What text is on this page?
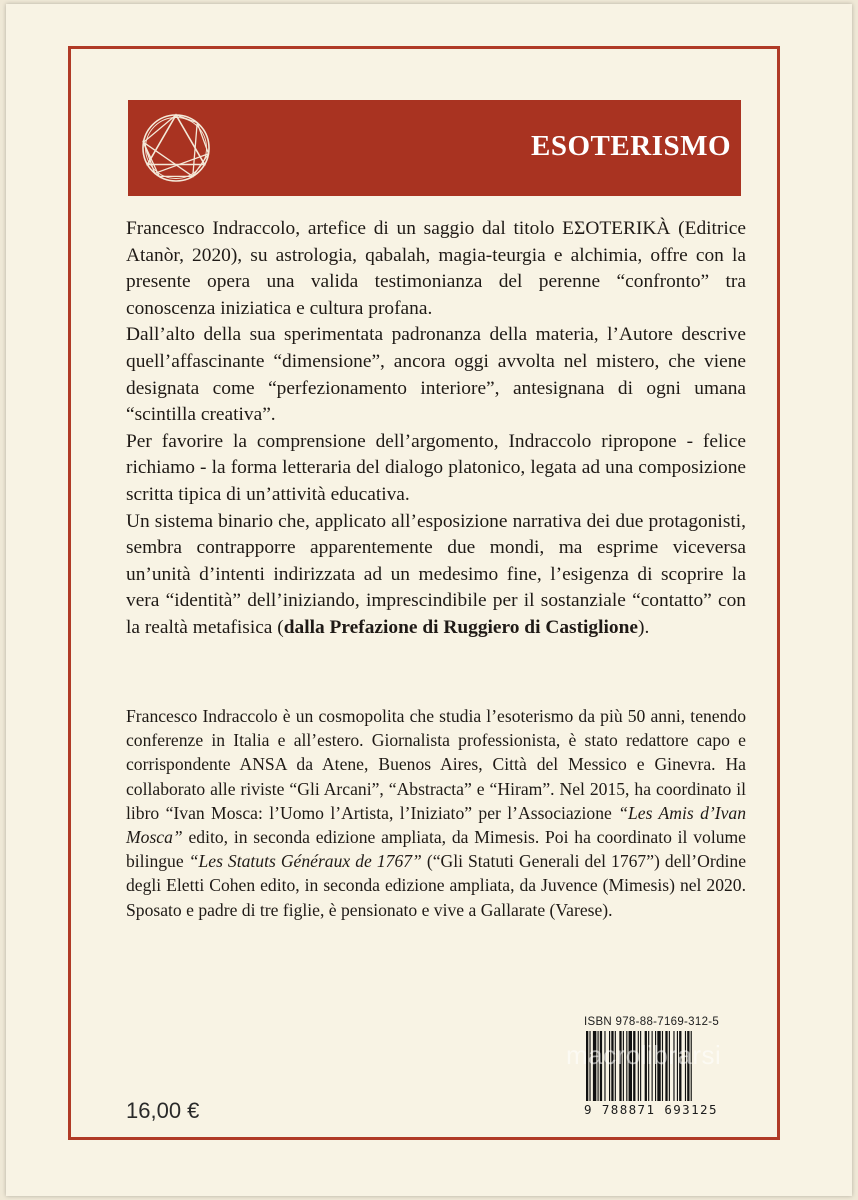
ESOTERISMO

Francesco Indraccolo, artefice di un saggio dal titolo ΕΣΟΤΕRIKÀ (Editrice Atanòr, 2020), su astrologia, qabalah, magia-teurgia e alchimia, offre con la presente opera una valida testimonianza del perenne “confronto” tra conoscenza iniziatica e cultura profana.

Dall’alto della sua sperimentata padronanza della materia, l’Autore descrive quell’affascinante “dimensione”, ancora oggi avvolta nel mistero, che viene designata come “perfezionamento interiore”, antesignana di ogni umana “scintilla creativa”.

Per favorire la comprensione dell’argomento, Indraccolo ripropone - felice richiamo - la forma letteraria del dialogo platonico, legata ad una composizione scritta tipica di un’attività educativa.

Un sistema binario che, applicato all’esposizione narrativa dei due protagonisti, sembra contrapporre apparentemente due mondi, ma esprime viceversa un’unità d’intenti indirizzata ad un medesimo fine, l’esigenza di scoprire la vera “identità” dell’iniziando, imprescindibile per il sostanziale “contatto” con la realtà metafisica (dalla Prefazione di Ruggiero di Castiglione).

Francesco Indraccolo è un cosmopolita che studia l’esoterismo da più 50 anni, tenendo conferenze in Italia e all’estero. Giornalista professionista, è stato redattore capo e corrispondente ANSA da Atene, Buenos Aires, Città del Messico e Ginevra. Ha collaborato alle riviste “Gli Arcani”, “Abstracta” e “Hiram”. Nel 2015, ha coordinato il libro “Ivan Mosca: l’Uomo l’Artista, l’Iniziato” per l’Associazione “Les Amis d’Ivan Mosca” edito, in seconda edizione ampliata, da Mimesis. Poi ha coordinato il volume bilingue “Les Statuts Généraux de 1767” (“Gli Statuti Generali del 1767”) dell’Ordine degli Eletti Cohen edito, in seconda edizione ampliata, da Juvence (Mimesis) nel 2020. Sposato e padre di tre figlie, è pensionato e vive a Gallarate (Varese).

ISBN 978-88-7169-312-5
9 788871 693125
macrolibrarsi
16,00 €
